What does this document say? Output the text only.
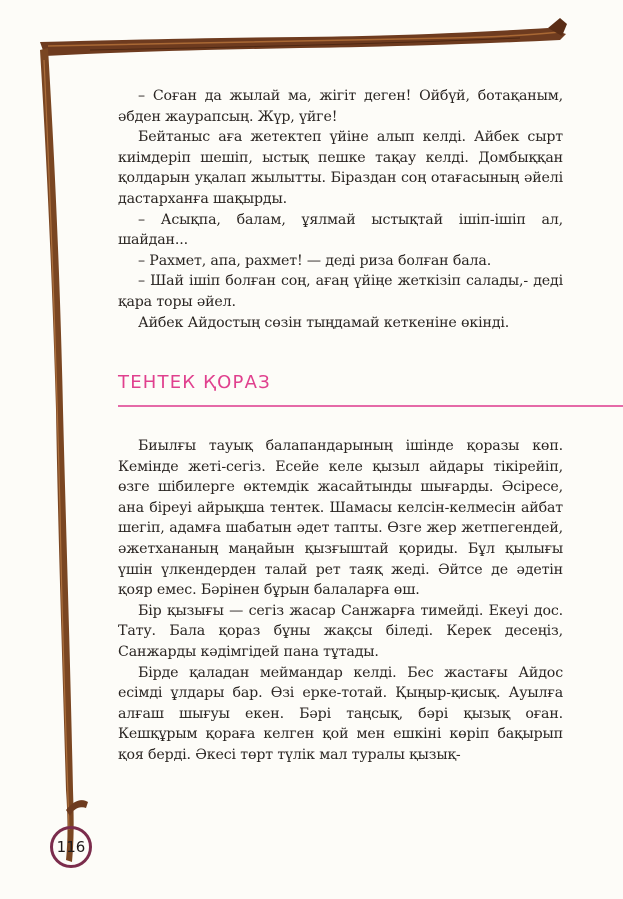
– Соған да жылай ма, жігіт деген! Ойбүй, ботақаным, әбден жаурапсың. Жүр, үйге!

Бейтаныс аға жетектеп үйіне алып келді. Айбек сырт киімдеріп шешіп, ыстық пешке тақау келді. Домбыққан қолдарын уқалап жылытты. Біраздан соң отағасының әйелі дастарханға шақырды.

– Асықпа, балам, ұялмай ыстықтай ішіп-ішіп ал, шайдан...

– Рахмет, апа, рахмет! — деді риза болған бала.

– Шай ішіп болған соң, ағаң үйіңе жеткізіп салады,- деді қара торы әйел.

Айбек Айдостың сөзін тыңдамай кеткеніне өкінді.

ТЕНТЕК ҚОРАЗ

Биылғы тауық балапандарының ішінде қоразы көп. Кемінде жеті-сегіз. Есейе келе қызыл айдары тікірейіп, өзге шібилерге өктемдік жасайтынды шығарды. Әсіресе, ана біреуі айрықша тентек. Шамасы келсін-келмесін айбат шегіп, адамға шабатын әдет тапты. Өзге жер жетпегендей, әжетхананың маңайын қызғыштай қориды. Бұл қылығы үшін үлкендерден талай рет таяқ жеді. Әйтсе де әдетін қояр емес. Бәрінен бұрын балаларға өш.

Бір қызығы — сегіз жасар Санжарға тимейді. Екеуі дос. Тату. Бала қораз бұны жақсы біледі. Керек десеңіз, Санжарды кәдімгідей пана тұтады.

Бірде қаладан меймандар келді. Бес жастағы Айдос есімді ұлдары бар. Өзі ерке-тотай. Қыңыр-қисық. Ауылға алғаш шығуы екен. Бәрі таңсық, бәрі қызық оған. Кешқұрым қораға келген қой мен ешкіні көріп бақырып қоя берді. Әкесі төрт түлік мал туралы қызық-

116
